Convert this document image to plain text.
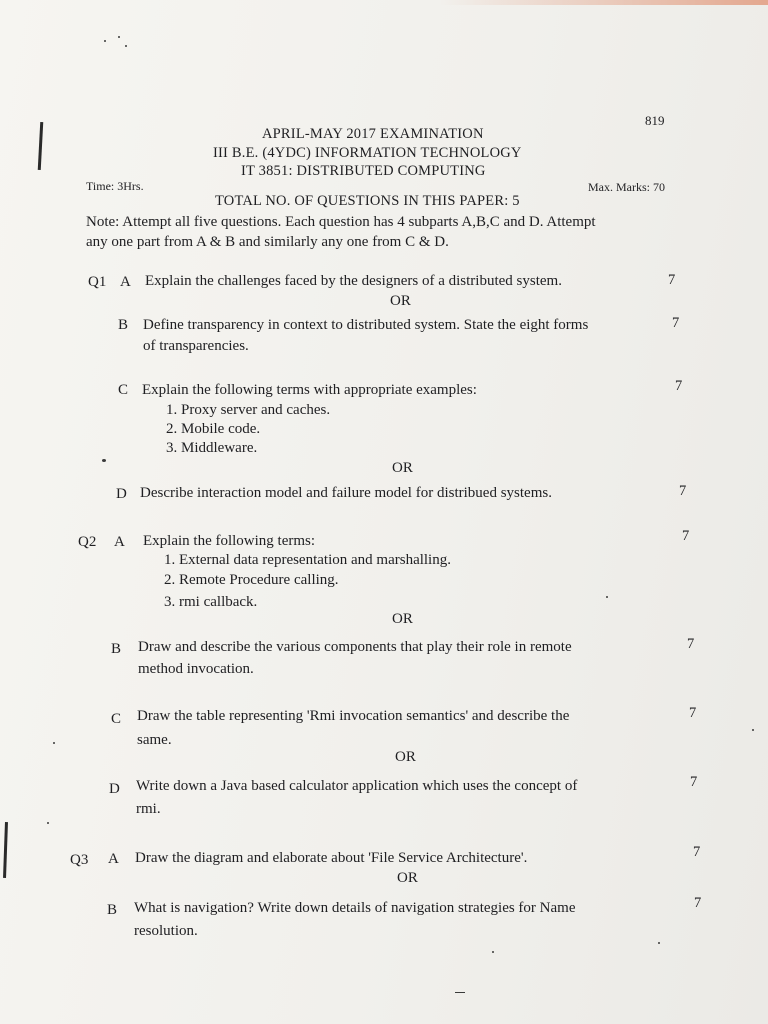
819
APRIL-MAY 2017 EXAMINATION
III B.E. (4YDC) INFORMATION TECHNOLOGY
IT 3851: DISTRIBUTED COMPUTING
Time: 3Hrs.	Max. Marks: 70
TOTAL NO. OF QUESTIONS IN THIS PAPER: 5
Note: Attempt all five questions. Each question has 4 subparts A,B,C and D. Attempt
any one part from A & B and similarly any one from C & D.
Q1 A Explain the challenges faced by the designers of a distributed system.	7
OR
B Define transparency in context to distributed system. State the eight forms
of transparencies.
7
C Explain the following terms with appropriate examples:	7
1. Proxy server and caches.
2. Mobile code.
3. Middleware.
OR
D Describe interaction model and failure model for distribued systems.	7
Q2 A Explain the following terms:	7
1. External data representation and marshalling.
2. Remote Procedure calling.
3. rmi callback.
OR
B Draw and describe the various components that play their role in remote
method invocation.
7
C Draw the table representing 'Rmi invocation semantics' and describe the
same.
7
OR
D Write down a Java based calculator application which uses the concept of
rmi.
7
Q3 A Draw the diagram and elaborate about 'File Service Architecture'.	7
OR
B What is navigation? Write down details of navigation strategies for Name
resolution.
7
